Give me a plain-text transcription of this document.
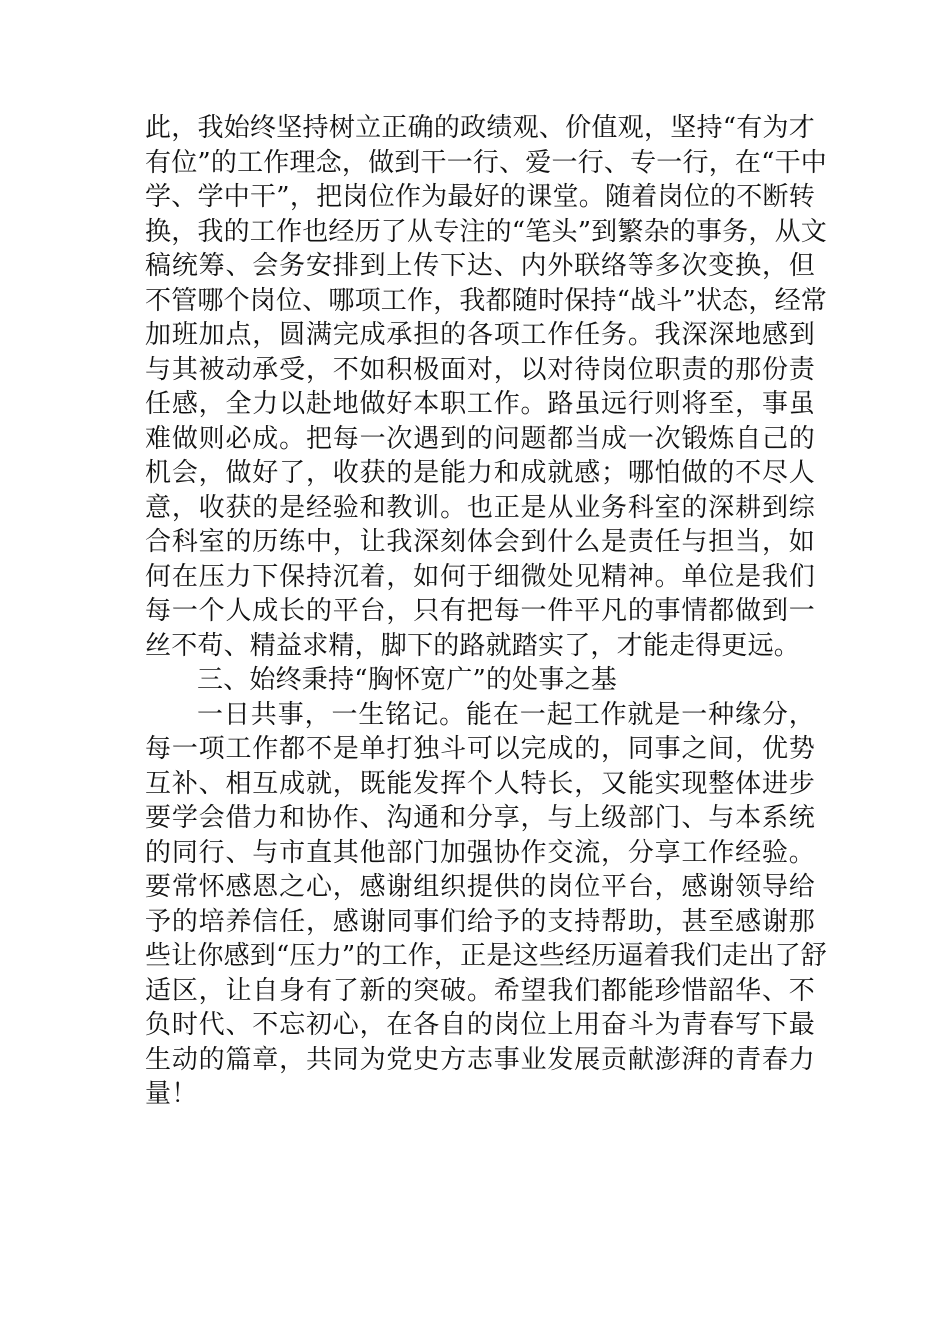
此，我始终坚持树立正确的政绩观、价值观，坚持“有为才
有位”的工作理念，做到干一行、爱一行、专一行，在“干中
学、学中干”，把岗位作为最好的课堂。随着岗位的不断转
换，我的工作也经历了从专注的“笔头”到繁杂的事务，从文
稿统筹、会务安排到上传下达、内外联络等多次变换，但
不管哪个岗位、哪项工作，我都随时保持“战斗”状态，经常
加班加点，圆满完成承担的各项工作任务。我深深地感到
与其被动承受，不如积极面对，以对待岗位职责的那份责
任感，全力以赴地做好本职工作。路虽远行则将至，事虽
难做则必成。把每一次遇到的问题都当成一次锻炼自己的
机会，做好了，收获的是能力和成就感；哪怕做的不尽人
意，收获的是经验和教训。也正是从业务科室的深耕到综
合科室的历练中，让我深刻体会到什么是责任与担当，如
何在压力下保持沉着，如何于细微处见精神。单位是我们
每一个人成长的平台，只有把每一件平凡的事情都做到一
丝不苟、精益求精，脚下的路就踏实了，才能走得更远。
三、始终秉持“胸怀宽广”的处事之基
一日共事，一生铭记。能在一起工作就是一种缘分，
每一项工作都不是单打独斗可以完成的，同事之间，优势
互补、相互成就，既能发挥个人特长，又能实现整体进步
要学会借力和协作、沟通和分享，与上级部门、与本系统
的同行、与市直其他部门加强协作交流，分享工作经验。
要常怀感恩之心，感谢组织提供的岗位平台，感谢领导给
予的培养信任，感谢同事们给予的支持帮助，甚至感谢那
些让你感到“压力”的工作，正是这些经历逼着我们走出了舒
适区，让自身有了新的突破。希望我们都能珍惜韶华、不
负时代、不忘初心，在各自的岗位上用奋斗为青春写下最
生动的篇章，共同为党史方志事业发展贡献澎湃的青春力
量！
